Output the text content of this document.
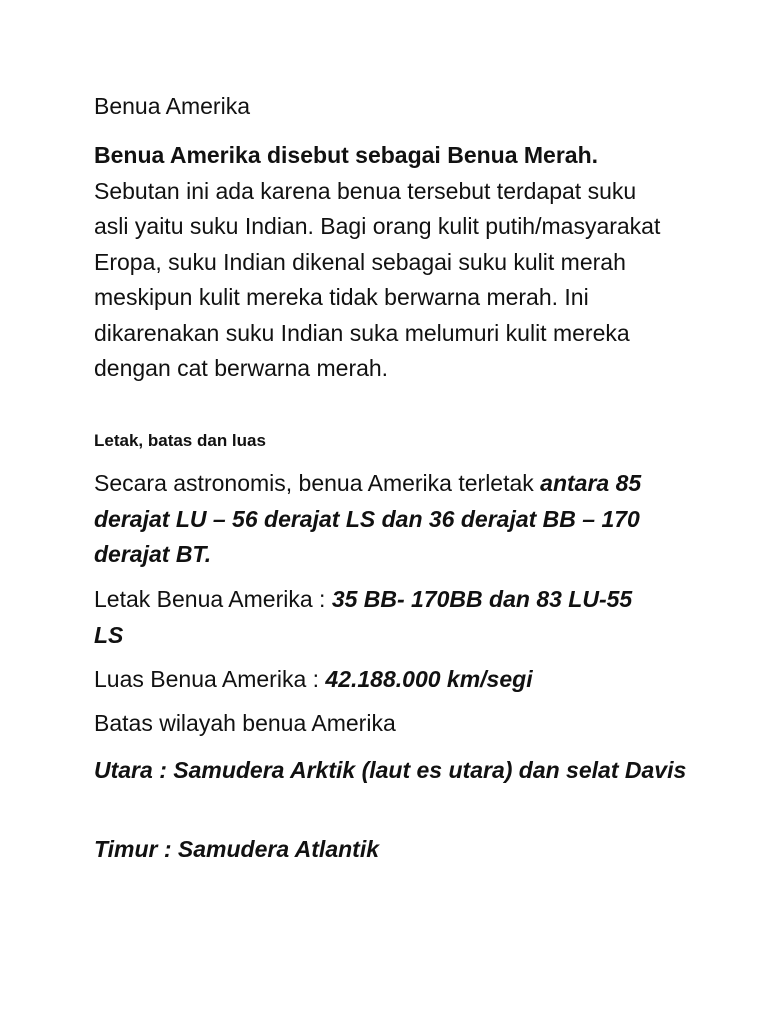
Benua Amerika

Benua Amerika disebut sebagai Benua Merah.
Sebutan ini ada karena benua tersebut terdapat suku asli yaitu suku Indian. Bagi orang kulit putih/masyarakat Eropa, suku Indian dikenal sebagai suku kulit merah meskipun kulit mereka tidak berwarna merah. Ini dikarenakan suku Indian suka melumuri kulit mereka dengan cat berwarna merah.

Letak, batas dan luas

Secara astronomis, benua Amerika terletak antara 85 derajat LU – 56 derajat LS dan 36 derajat BB – 170 derajat BT.

Letak Benua Amerika : 35 BB- 170BB dan 83 LU-55 LS

Luas Benua Amerika : 42.188.000 km/segi

Batas wilayah benua Amerika

Utara : Samudera Arktik (laut es utara) dan selat Davis

Timur : Samudera Atlantik
